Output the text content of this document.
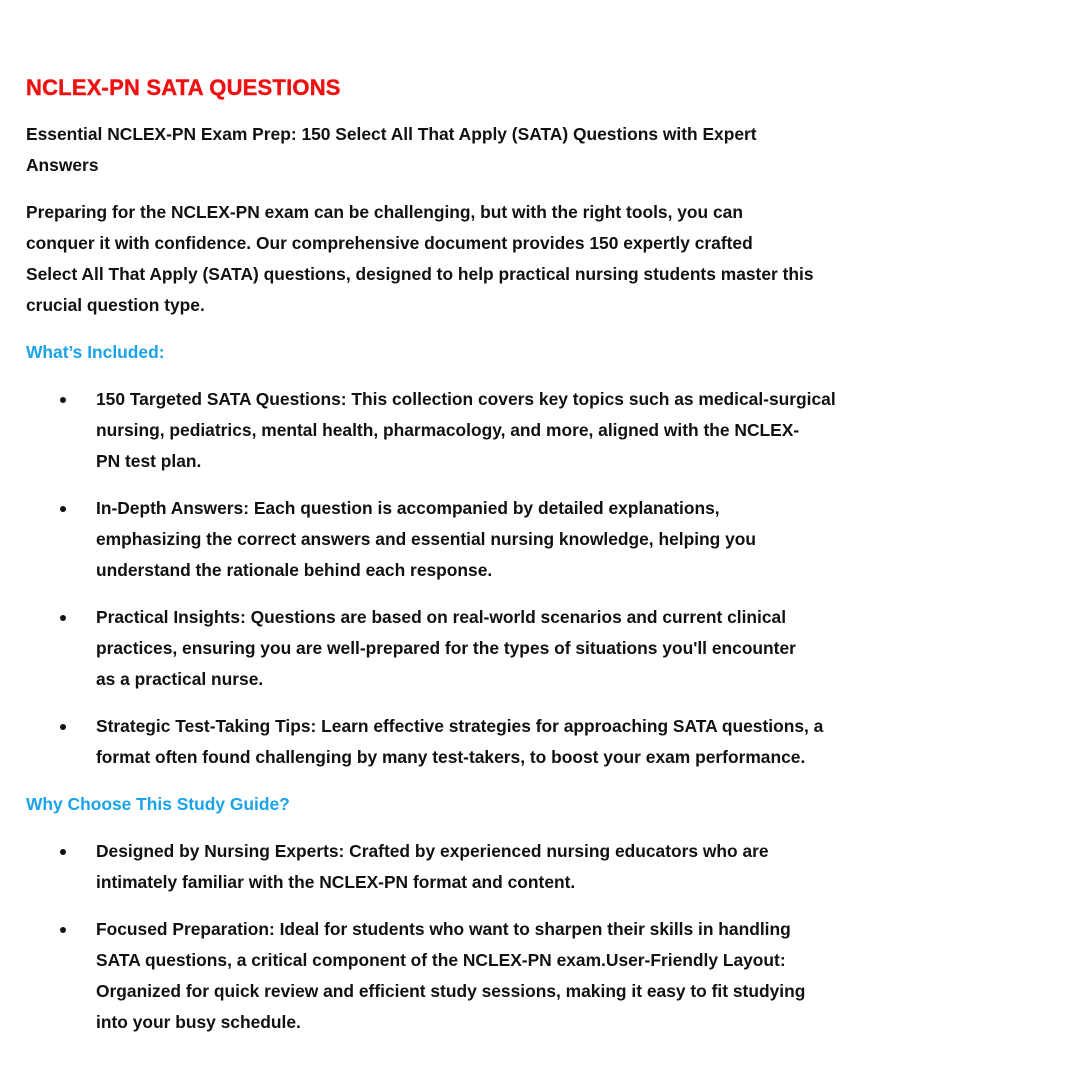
NCLEX-PN SATA QUESTIONS
Essential NCLEX-PN Exam Prep: 150 Select All That Apply (SATA) Questions with Expert
Answers
Preparing for the NCLEX-PN exam can be challenging, but with the right tools, you can
conquer it with confidence. Our comprehensive document provides 150 expertly crafted
Select All That Apply (SATA) questions, designed to help practical nursing students master this
crucial question type.
What’s Included:
150 Targeted SATA Questions: This collection covers key topics such as medical-surgical
nursing, pediatrics, mental health, pharmacology, and more, aligned with the NCLEX-
PN test plan.
In-Depth Answers: Each question is accompanied by detailed explanations,
emphasizing the correct answers and essential nursing knowledge, helping you
understand the rationale behind each response.
Practical Insights: Questions are based on real-world scenarios and current clinical
practices, ensuring you are well-prepared for the types of situations you'll encounter
as a practical nurse.
Strategic Test-Taking Tips: Learn effective strategies for approaching SATA questions, a
format often found challenging by many test-takers, to boost your exam performance.
Why Choose This Study Guide?
Designed by Nursing Experts: Crafted by experienced nursing educators who are
intimately familiar with the NCLEX-PN format and content.
Focused Preparation: Ideal for students who want to sharpen their skills in handling
SATA questions, a critical component of the NCLEX-PN exam.User-Friendly Layout:
Organized for quick review and efficient study sessions, making it easy to fit studying
into your busy schedule.
